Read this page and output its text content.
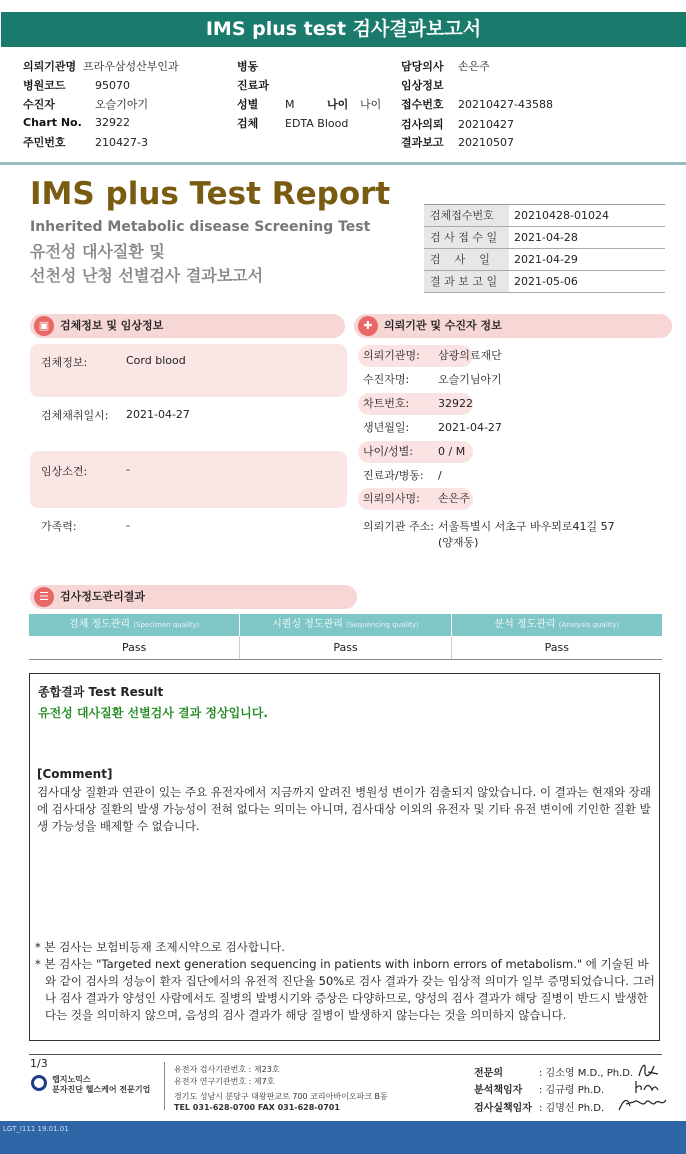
IMS plus test 검사결과보고서
의뢰기관명 프라우삼성산부인과
병원코드	95070
수진자	오슬기아기
Chart No. 32922
주민번호	210427-3
병동
진료과
성별 M	나이 나이
검체 EDTA Blood
담당의사 손은주
임상정보
접수번호 20210427-43588
검사의뢰 20210427
결과보고 20210507
IMS plus Test Report
Inherited Metabolic disease Screening Test
유전성 대사질환 및
선천성 난청 선별검사 결과보고서
검체접수번호	20210428-01024
검 사 접 수 일	2021-04-28
검    사    일	2021-04-29
결 과 보 고 일	2021-05-06
▣ 검체정보 및 임상정보
검체정보:	Cord blood
검체채취일시: 2021-04-27
임상소견:	-
가족력:	-
✚	의뢰기관 및 수진자 정보
의뢰기관명:	삼광의료재단
수진자명:	오슬기님아기
차트번호:	32922
생년월일:	2021-04-27
나이/성별:	0 / M
진료과/병동:	/
의뢰의사명:	손은주
의뢰기관 주소: 서울특별시 서초구 바우뫼로41길 57
(양재동)
☰	검사정도관리결과
검체 정도관리 (Specimen quality)	시퀀싱 정도관리 (Sequencing quality)	분석 정도관리 (Analysis quality)
Pass	Pass	Pass
종합결과 Test Result
유전성 대사질환 선별검사 결과 정상입니다.
[Comment]
검사대상 질환과 연관이 있는 주요 유전자에서 지금까지 알려진 병원성 변이가 검출되지 않았습니다. 이 결과는 현재와 장래에 검사대상 질환의 발생 가능성이 전혀 없다는 의미는 아니며, 검사대상 이외의 유전자 및 기타 유전 변이에 기인한 질환 발생 가능성을 배제할 수 없습니다.

* 본 검사는 보험비등재 조제시약으로 검사합니다.

* 본 검사는 "Targeted next generation sequencing in patients with inborn errors of metabolism." 에 기술된 바와 같이 검사의 성능이 환자 집단에서의 유전적 진단율 50%로 검사 결과가 갖는 임상적 의미가 일부 증명되었습니다. 그러나 검사 결과가 양성인 사람에서도 질병의 발병시기와 증상은 다양하므로, 양성의 검사 결과가 해당 질병이 반드시 발생한다는 것을 의미하지 않으며, 음성의 검사 결과가 해당 질병이 발생하지 않는다는 것을 의미하지 않습니다.

1/3
랩지노믹스
분자진단 헬스케어 전문기업
유전자 검사기관번호 : 제23호
유전자 연구기관번호 : 제7호
경기도 성남시 분당구 대왕판교로 700 코리아바이오파크 B동
TEL 031-628-0700 FAX 031-628-0701
전문의	: 김소영 M.D., Ph.D.
분석책임자 : 김규령 Ph.D.
검사실책임자 : 김명신 Ph.D.
LGT_I111 19.01.01
